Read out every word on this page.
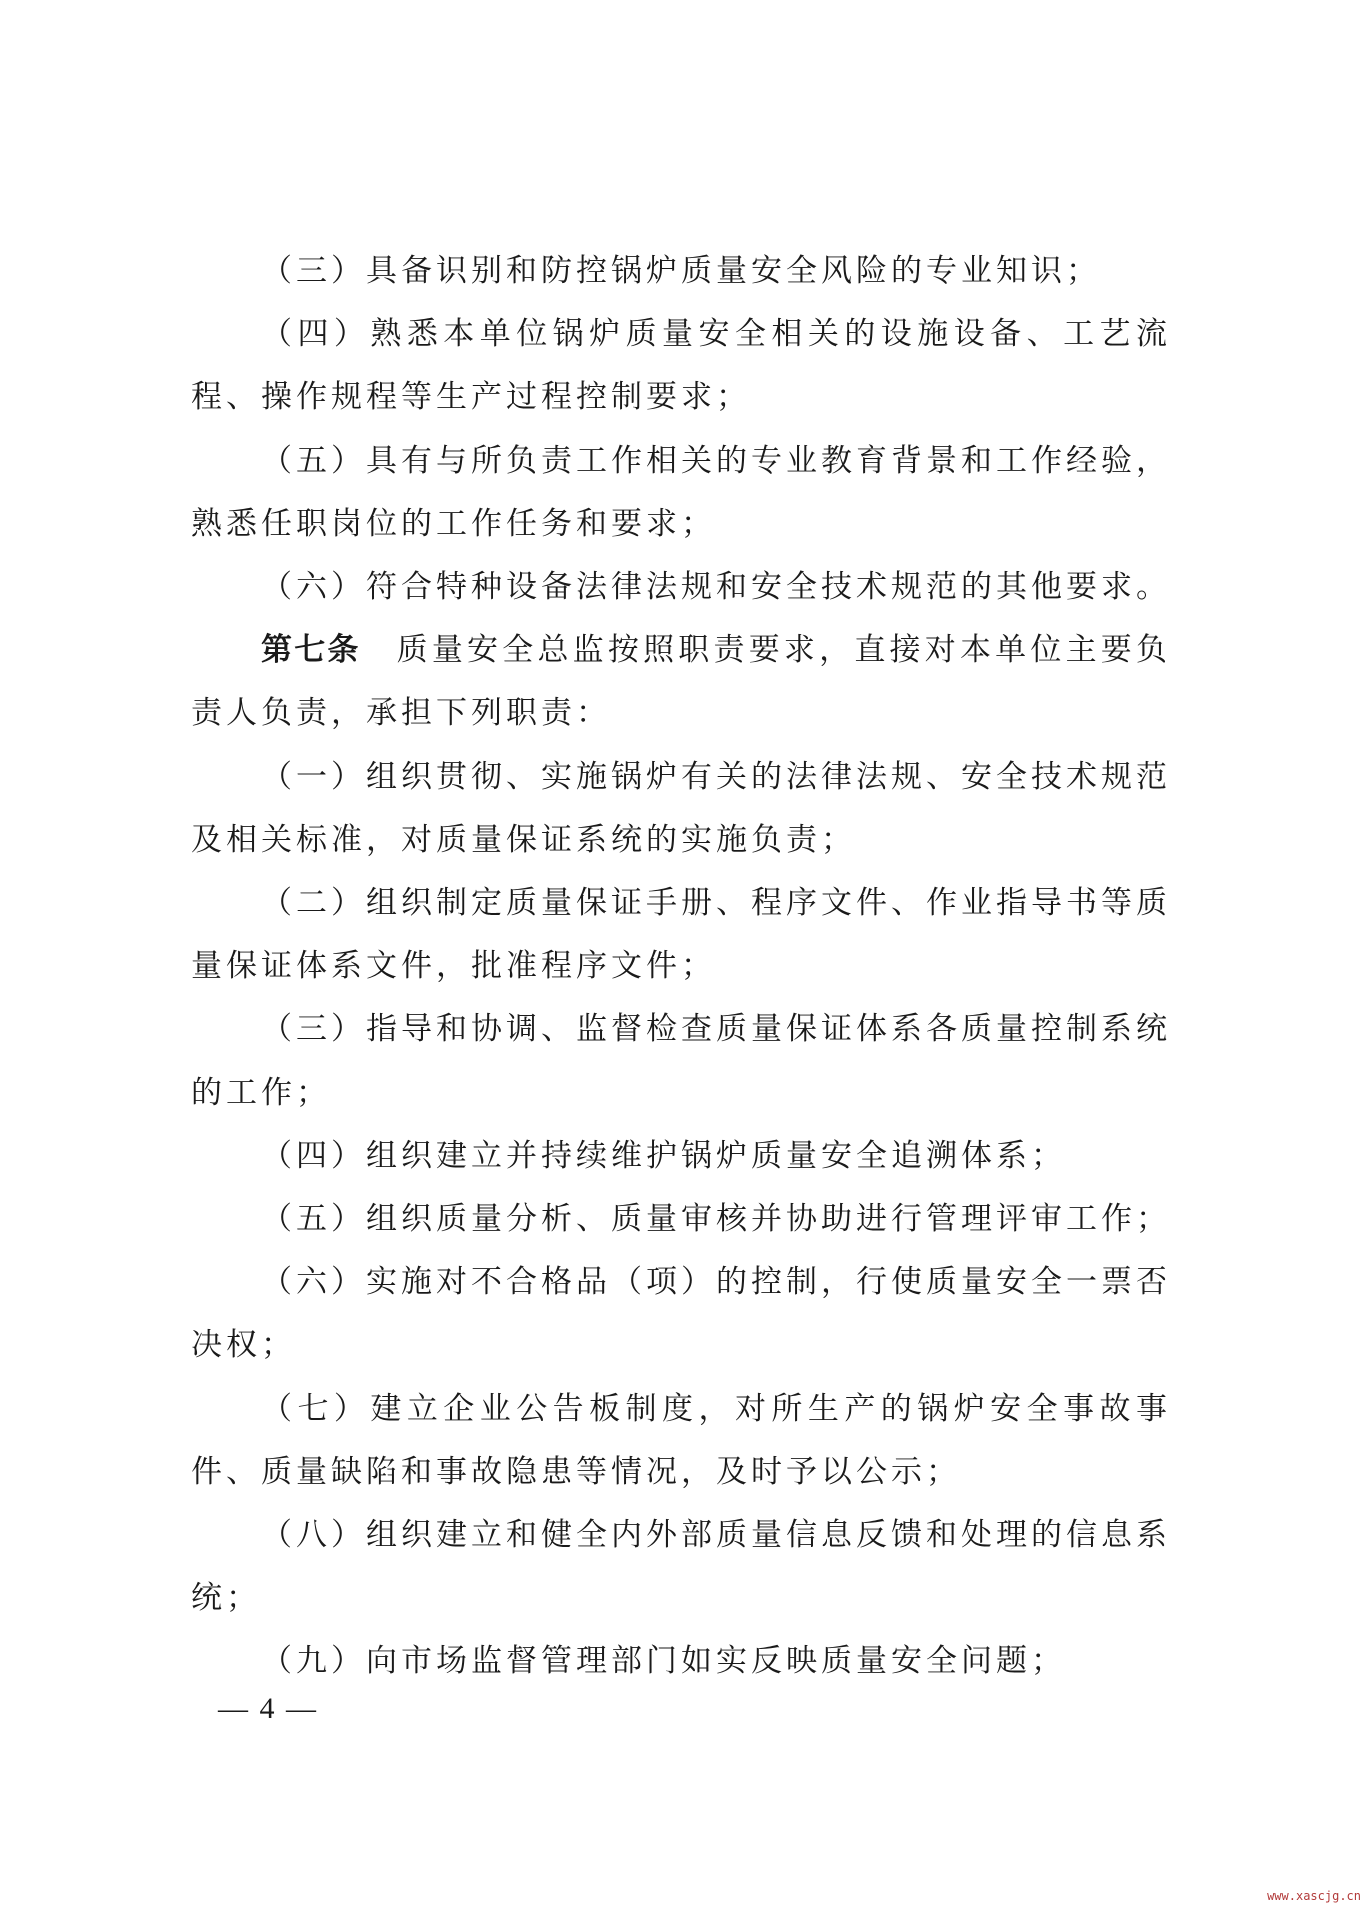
（三）具备识别和防控锅炉质量安全风险的专业知识；

（四）熟悉本单位锅炉质量安全相关的设施设备、工艺流程、操作规程等生产过程控制要求；

（五）具有与所负责工作相关的专业教育背景和工作经验，熟悉任职岗位的工作任务和要求；

（六）符合特种设备法律法规和安全技术规范的其他要求。

第七条 质量安全总监按照职责要求，直接对本单位主要负责人负责，承担下列职责：

（一）组织贯彻、实施锅炉有关的法律法规、安全技术规范及相关标准，对质量保证系统的实施负责；

（二）组织制定质量保证手册、程序文件、作业指导书等质量保证体系文件，批准程序文件；

（三）指导和协调、监督检查质量保证体系各质量控制系统的工作；

（四）组织建立并持续维护锅炉质量安全追溯体系；

（五）组织质量分析、质量审核并协助进行管理评审工作；

（六）实施对不合格品（项）的控制，行使质量安全一票否决权；

（七）建立企业公告板制度，对所生产的锅炉安全事故事件、质量缺陷和事故隐患等情况，及时予以公示；

（八）组织建立和健全内外部质量信息反馈和处理的信息系统；

（九）向市场监督管理部门如实反映质量安全问题；

— 4 —
www.xascjg.cn
